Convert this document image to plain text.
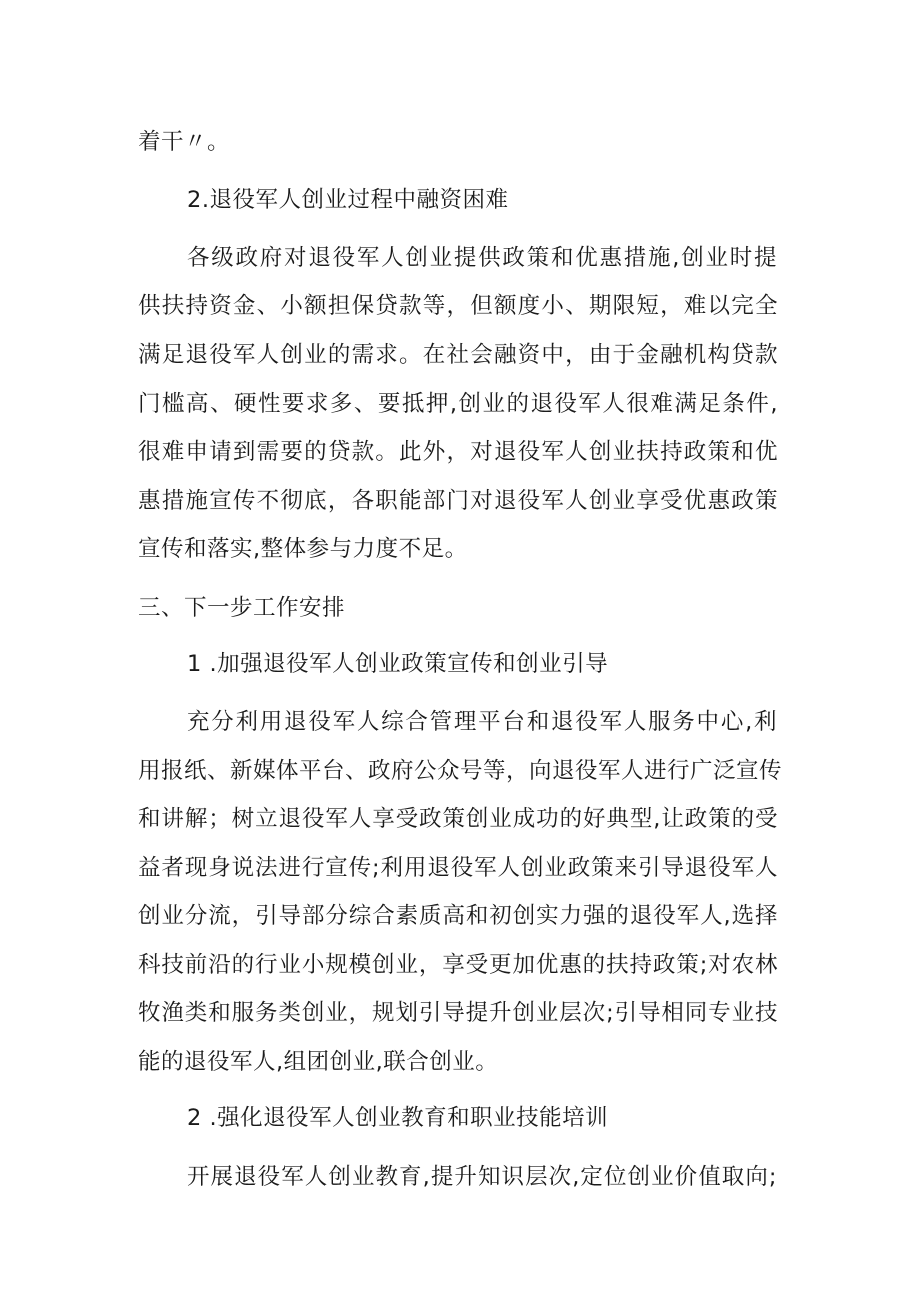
着干〃。
2.退役军人创业过程中融资困难
各级政府对退役军人创业提供政策和优惠措施,创业时提
供扶持资金、小额担保贷款等，但额度小、期限短，难以完全
满足退役军人创业的需求。在社会融资中，由于金融机构贷款
门槛高、硬性要求多、要抵押,创业的退役军人很难满足条件,
很难申请到需要的贷款。此外，对退役军人创业扶持政策和优
惠措施宣传不彻底，各职能部门对退役军人创业享受优惠政策
宣传和落实,整体参与力度不足。
三、下一步工作安排
1 .加强退役军人创业政策宣传和创业引导
充分利用退役军人综合管理平台和退役军人服务中心,利
用报纸、新媒体平台、政府公众号等，向退役军人进行广泛宣传
和讲解；树立退役军人享受政策创业成功的好典型,让政策的受
益者现身说法进行宣传;利用退役军人创业政策来引导退役军人
创业分流，引导部分综合素质高和初创实力强的退役军人,选择
科技前沿的行业小规模创业，享受更加优惠的扶持政策;对农林
牧渔类和服务类创业，规划引导提升创业层次;引导相同专业技
能的退役军人,组团创业,联合创业。
2 .强化退役军人创业教育和职业技能培训
开展退役军人创业教育,提升知识层次,定位创业价值取向;
